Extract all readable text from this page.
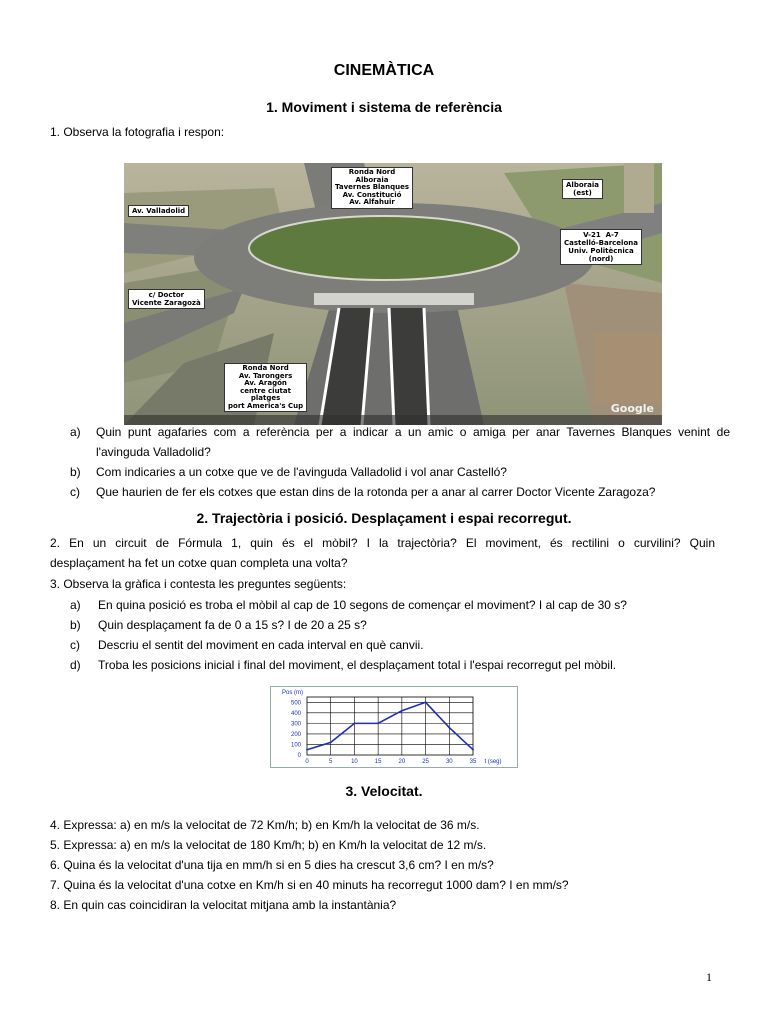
CINEMÀTICA
1. Moviment i sistema de referència
1. Observa la fotografia i respon:
Ronda Nord
Alboraia
Tavernes Blanques
Av. Constitució
Av. Alfahuir
Alboraia
(est)
Av. Valladolid
V-21  A-7
Castelló-Barcelona
Univ. Politècnica
(nord)
c/ Doctor
Vicente Zaragozà
Ronda Nord
Av. Tarongers
Av. Aragón
centre ciutat
platges
port America's Cup	Google
a) Quin punt agafaries com a referència per a indicar a un amic o amiga per anar Tavernes Blanques venint de
l'avinguda Valladolid?
b) Com indicaries a un cotxe que ve de l'avinguda Valladolid i vol anar Castelló?
c) Que haurien de fer els cotxes que estan dins de la rotonda per a anar al carrer Doctor Vicente Zaragoza?
2. Trajectòria i posició. Desplaçament i espai recorregut.
2. En un circuit de Fórmula 1, quin és el mòbil? I la trajectòria? El moviment, és rectilini o curvilini? Quin
desplaçament ha fet un cotxe quan completa una volta?
3. Observa la gràfica i contesta les preguntes següents:
a) En quina posició es troba el mòbil al cap de 10 segons de començar el moviment? I al cap de 30 s?
b) Quin desplaçament fa de 0 a 15 s? I de 20 a 25 s?
c) Descriu el sentit del moviment en cada interval en què canvii.
d) Troba les posicions inicial i final del moviment, el desplaçament total i l'espai recorregut pel mòbil.
0
100
200
300
400
500
0	5	10	15	20	25	30	35
Pos (m)
t (seg)
3. Velocitat.
4. Expressa: a) en m/s la velocitat de 72 Km/h; b) en Km/h la velocitat de 36 m/s.
5. Expressa: a) en m/s la velocitat de 180 Km/h; b) en Km/h la velocitat de 12 m/s.
6. Quina és la velocitat d'una tija en mm/h si en 5 dies ha crescut 3,6 cm? I en m/s?
7. Quina és la velocitat d'una cotxe en Km/h si en 40 minuts ha recorregut 1000 dam? I en mm/s?
8. En quin cas coincidiran la velocitat mitjana amb la instantània?
1
